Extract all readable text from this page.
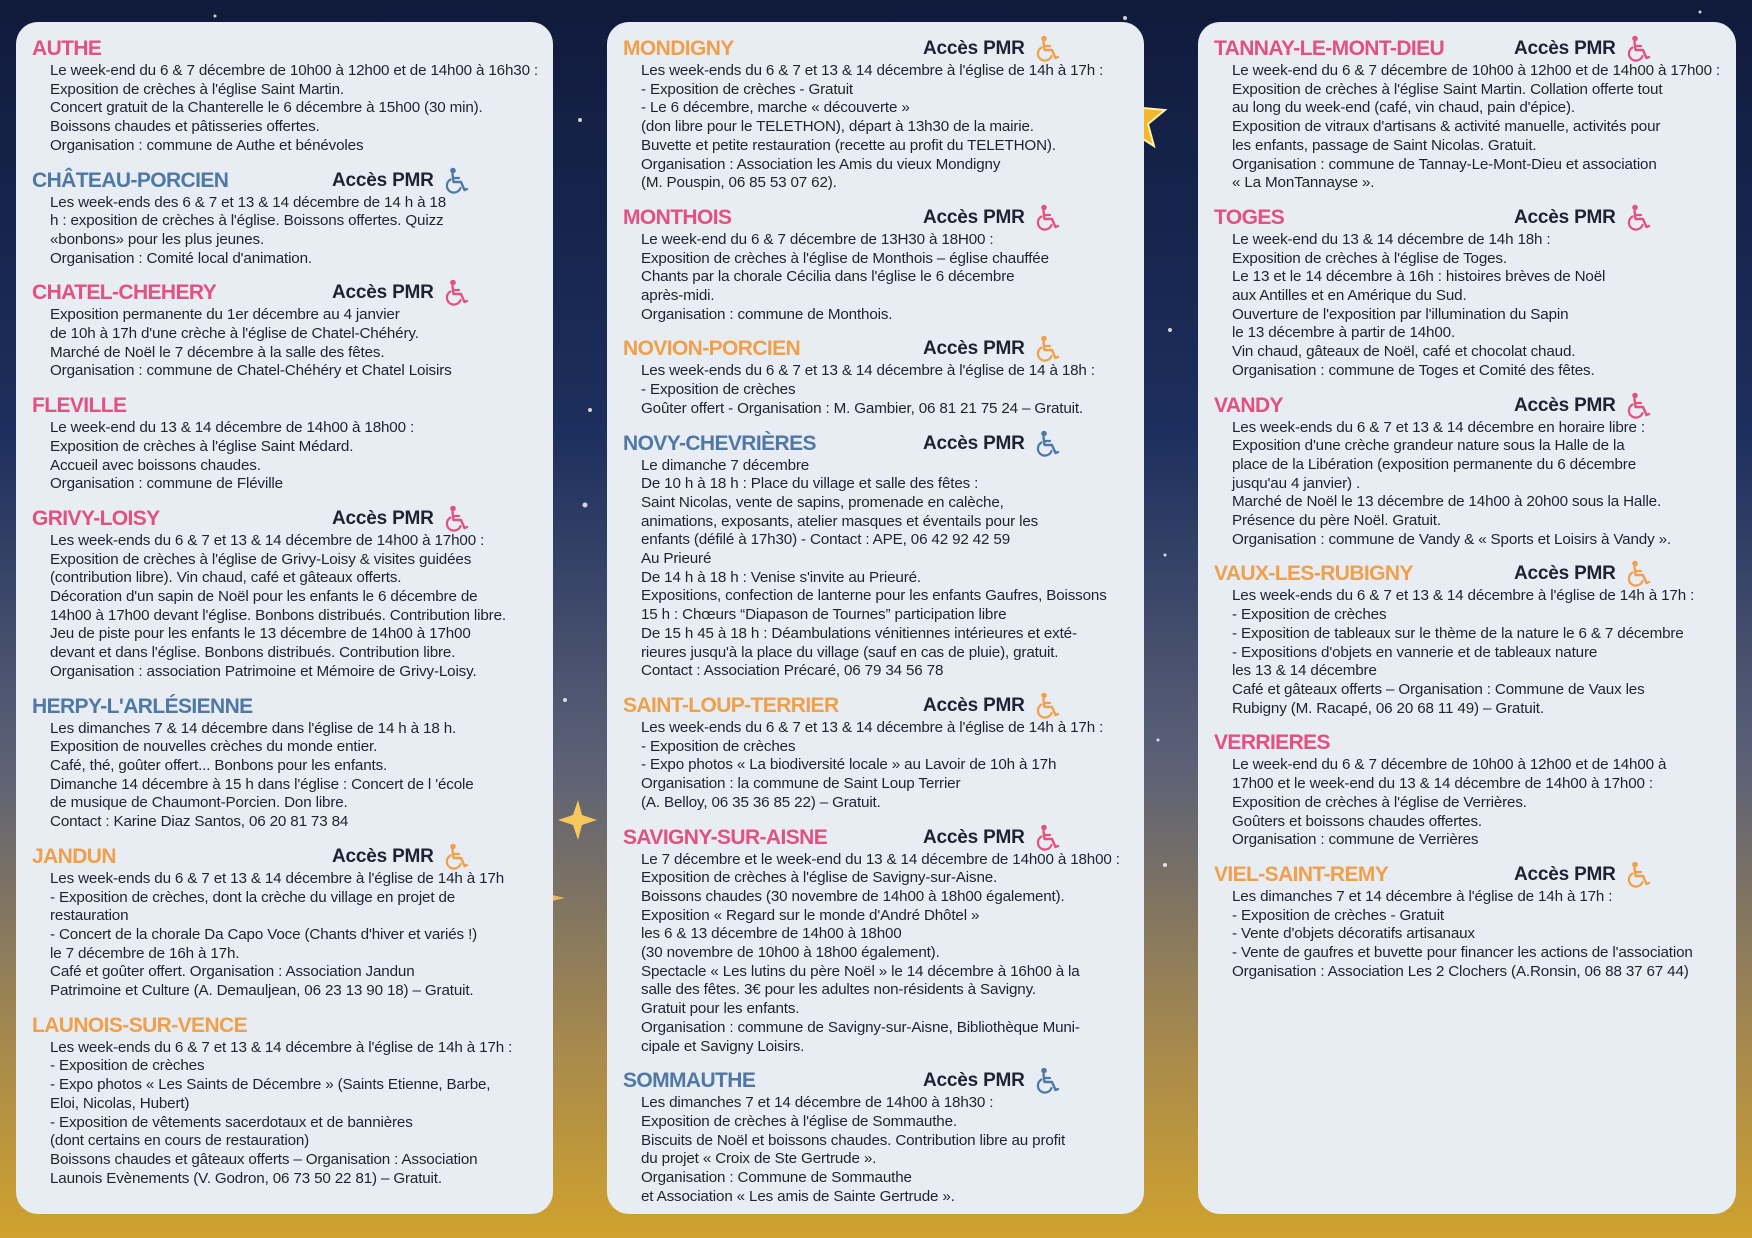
AUTHE
Le week-end du 6 & 7 décembre de 10h00 à 12h00 et de 14h00 à 16h30 :
Exposition de crèches à l'église Saint Martin.
Concert gratuit de la Chanterelle le 6 décembre à 15h00 (30 min).
Boissons chaudes et pâtisseries offertes.
Organisation : commune de Authe et bénévoles
CHÂTEAU-PORCIEN	Accès PMR
Les week-ends des 6 & 7 et 13 & 14 décembre de 14 h à 18
h : exposition de crèches à l'église. Boissons offertes. Quizz
«bonbons» pour les plus jeunes.
Organisation : Comité local d'animation.
CHATEL-CHEHERY	Accès PMR
Exposition permanente du 1er décembre au 4 janvier
de 10h à 17h d'une crèche à l'église de Chatel-Chéhéry.
Marché de Noël le 7 décembre à la salle des fêtes.
Organisation : commune de Chatel-Chéhéry et Chatel Loisirs
FLEVILLE
Le week-end du 13 & 14 décembre de 14h00 à 18h00 :
Exposition de crèches à l'église Saint Médard.
Accueil avec boissons chaudes.
Organisation : commune de Fléville
GRIVY-LOISY	Accès PMR
Les week-ends du 6 & 7 et 13 & 14 décembre de 14h00 à 17h00 :
Exposition de crèches à l'église de Grivy-Loisy & visites guidées
(contribution libre). Vin chaud, café et gâteaux offerts.
Décoration d'un sapin de Noël pour les enfants le 6 décembre de
14h00 à 17h00 devant l'église. Bonbons distribués. Contribution libre.
Jeu de piste pour les enfants le 13 décembre de 14h00 à 17h00
devant et dans l'église. Bonbons distribués. Contribution libre.
Organisation : association Patrimoine et Mémoire de Grivy-Loisy.
HERPY-L'ARLÉSIENNE
Les dimanches 7 & 14 décembre dans l'église de 14 h à 18 h.
Exposition de nouvelles crèches du monde entier.
Café, thé, goûter offert... Bonbons pour les enfants.
Dimanche 14 décembre à 15 h dans l'église : Concert de l 'école
de musique de Chaumont-Porcien. Don libre.
Contact : Karine Diaz Santos, 06 20 81 73 84
JANDUN	Accès PMR
Les week-ends du 6 & 7 et 13 & 14 décembre à l'église de 14h à 17h
- Exposition de crèches, dont la crèche du village en projet de
restauration
- Concert de la chorale Da Capo Voce (Chants d'hiver et variés !)
le 7 décembre de 16h à 17h.
Café et goûter offert. Organisation : Association Jandun
Patrimoine et Culture (A. Demauljean, 06 23 13 90 18) – Gratuit.
LAUNOIS-SUR-VENCE
Les week-ends du 6 & 7 et 13 & 14 décembre à l'église de 14h à 17h :
- Exposition de crèches
- Expo photos « Les Saints de Décembre » (Saints Etienne, Barbe,
Eloi, Nicolas, Hubert)
- Exposition de vêtements sacerdotaux et de bannières
(dont certains en cours de restauration)
Boissons chaudes et gâteaux offerts – Organisation : Association
Launois Evènements (V. Godron, 06 73 50 22 81) – Gratuit.
MONDIGNY	Accès PMR
Les week-ends du 6 & 7 et 13 & 14 décembre à l'église de 14h à 17h :
- Exposition de crèches - Gratuit
- Le 6 décembre, marche « découverte »
(don libre pour le TELETHON), départ à 13h30 de la mairie.
Buvette et petite restauration (recette au profit du TELETHON).
Organisation : Association les Amis du vieux Mondigny
(M. Pouspin, 06 85 53 07 62).
MONTHOIS	Accès PMR
Le week-end du 6 & 7 décembre de 13H30 à 18H00 :
Exposition de crèches à l'église de Monthois – église chauffée
Chants par la chorale Cécilia dans l'église le 6 décembre
après-midi.
Organisation : commune de Monthois.
NOVION-PORCIEN	Accès PMR
Les week-ends du 6 & 7 et 13 & 14 décembre à l'église de 14 à 18h :
- Exposition de crèches
Goûter offert - Organisation : M. Gambier, 06 81 21 75 24 – Gratuit.
NOVY-CHEVRIÈRES	Accès PMR
Le dimanche 7 décembre
De 10 h à 18 h : Place du village et salle des fêtes :
Saint Nicolas, vente de sapins, promenade en calèche,
animations, exposants, atelier masques et éventails pour les
enfants (défilé à 17h30) - Contact : APE, 06 42 92 42 59
Au Prieuré
De 14 h à 18 h : Venise s'invite au Prieuré.
Expositions, confection de lanterne pour les enfants Gaufres, Boissons
15 h : Chœurs “Diapason de Tournes” participation libre
De 15 h 45 à 18 h : Déambulations vénitiennes intérieures et exté-
rieures jusqu'à la place du village (sauf en cas de pluie), gratuit.
Contact : Association Précaré, 06 79 34 56 78
SAINT-LOUP-TERRIER	Accès PMR
Les week-ends du 6 & 7 et 13 & 14 décembre à l'église de 14h à 17h :
- Exposition de crèches
- Expo photos « La biodiversité locale » au Lavoir de 10h à 17h
Organisation : la commune de Saint Loup Terrier
(A. Belloy, 06 35 36 85 22) – Gratuit.
SAVIGNY-SUR-AISNE	Accès PMR
Le 7 décembre et le week-end du 13 & 14 décembre de 14h00 à 18h00 :
Exposition de crèches à l'église de Savigny-sur-Aisne.
Boissons chaudes (30 novembre de 14h00 à 18h00 également).
Exposition « Regard sur le monde d'André Dhôtel »
les 6 & 13 décembre de 14h00 à 18h00
(30 novembre de 10h00 à 18h00 également).
Spectacle « Les lutins du père Noël » le 14 décembre à 16h00 à la
salle des fêtes. 3€ pour les adultes non-résidents à Savigny.
Gratuit pour les enfants.
Organisation : commune de Savigny-sur-Aisne, Bibliothèque Muni-
cipale et Savigny Loisirs.
SOMMAUTHE	Accès PMR
Les dimanches 7 et 14 décembre de 14h00 à 18h30 :
Exposition de crèches à l'église de Sommauthe.
Biscuits de Noël et boissons chaudes. Contribution libre au profit
du projet « Croix de Ste Gertrude ».
Organisation : Commune de Sommauthe
et Association « Les amis de Sainte Gertrude ».
TANNAY-LE-MONT-DIEU	Accès PMR
Le week-end du 6 & 7 décembre de 10h00 à 12h00 et de 14h00 à 17h00 :
Exposition de crèches à l'église Saint Martin. Collation offerte tout
au long du week-end (café, vin chaud, pain d'épice).
Exposition de vitraux d'artisans & activité manuelle, activités pour
les enfants, passage de Saint Nicolas. Gratuit.
Organisation : commune de Tannay-Le-Mont-Dieu et association
« La MonTannayse ».
TOGES	Accès PMR
Le week-end du 13 & 14 décembre de 14h 18h :
Exposition de crèches à l'église de Toges.
Le 13 et le 14 décembre à 16h : histoires brèves de Noël
aux Antilles et en Amérique du Sud.
Ouverture de l'exposition par l'illumination du Sapin
le 13 décembre à partir de 14h00.
Vin chaud, gâteaux de Noël, café et chocolat chaud.
Organisation : commune de Toges et Comité des fêtes.
VANDY	Accès PMR
Les week-ends du 6 & 7 et 13 & 14 décembre en horaire libre :
Exposition d'une crèche grandeur nature sous la Halle de la
place de la Libération (exposition permanente du 6 décembre
jusqu'au 4 janvier) .
Marché de Noël le 13 décembre de 14h00 à 20h00 sous la Halle.
Présence du père Noël. Gratuit.
Organisation : commune de Vandy & « Sports et Loisirs à Vandy ».
VAUX-LES-RUBIGNY	Accès PMR
Les week-ends du 6 & 7 et 13 & 14 décembre à l'église de 14h à 17h :
- Exposition de crèches
- Exposition de tableaux sur le thème de la nature le 6 & 7 décembre
- Expositions d'objets en vannerie et de tableaux nature
les 13 & 14 décembre
Café et gâteaux offerts – Organisation : Commune de Vaux les
Rubigny (M. Racapé, 06 20 68 11 49) – Gratuit.
VERRIERES
Le week-end du 6 & 7 décembre de 10h00 à 12h00 et de 14h00 à
17h00 et le week-end du 13 & 14 décembre de 14h00 à 17h00 :
Exposition de crèches à l'église de Verrières.
Goûters et boissons chaudes offertes.
Organisation : commune de Verrières
VIEL-SAINT-REMY	Accès PMR
Les dimanches 7 et 14 décembre à l'église de 14h à 17h :
- Exposition de crèches - Gratuit
- Vente d'objets décoratifs artisanaux
- Vente de gaufres et buvette pour financer les actions de l'association
Organisation : Association Les 2 Clochers (A.Ronsin, 06 88 37 67 44)
